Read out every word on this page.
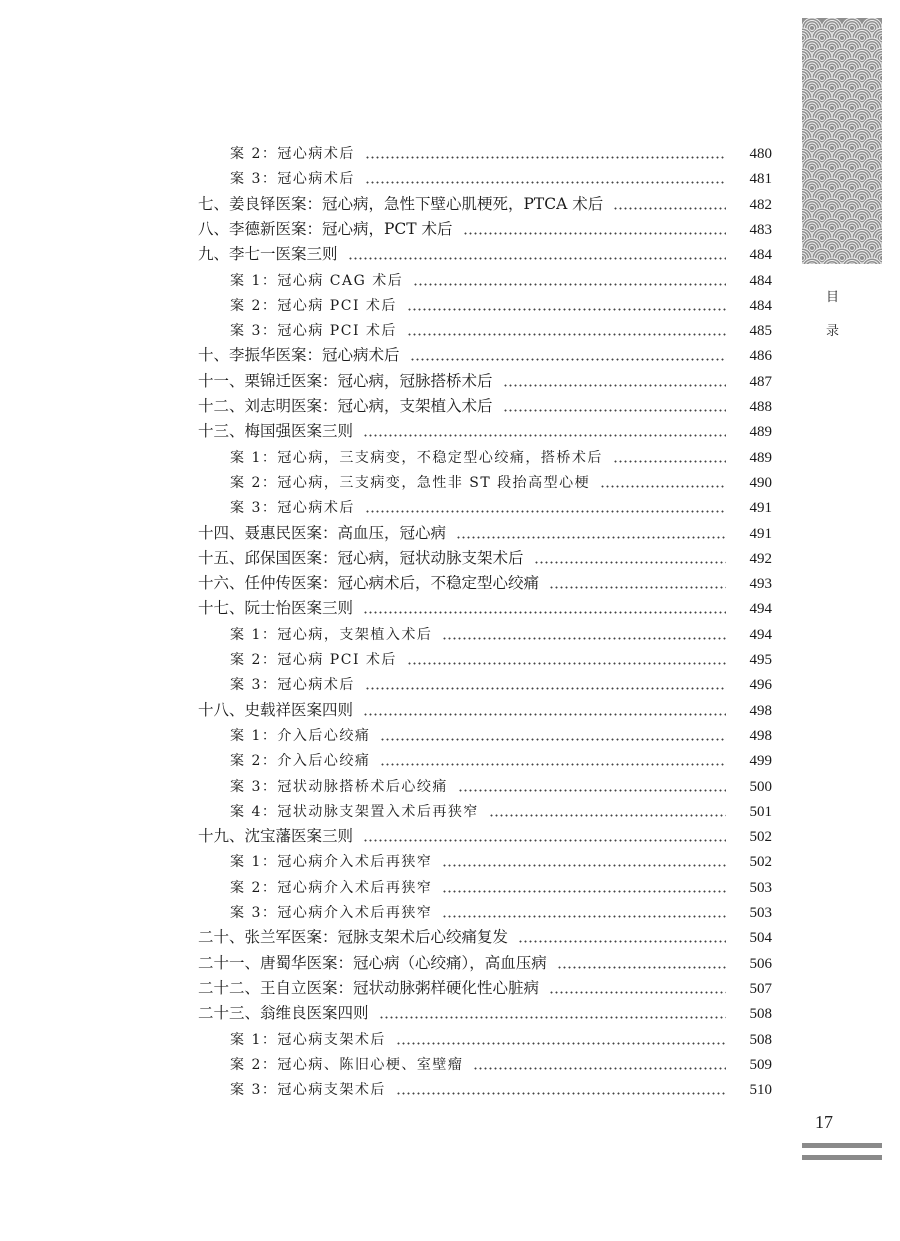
目
录
案 2：冠心病术后	480
案 3：冠心病术后	481
七、姜良铎医案：冠心病，急性下壁心肌梗死，PTCA 术后	482
八、李德新医案：冠心病，PCT 术后	483
九、李七一医案三则	484
案 1：冠心病 CAG 术后	484
案 2：冠心病 PCI 术后	484
案 3：冠心病 PCI 术后	485
十、李振华医案：冠心病术后	486
十一、栗锦迁医案：冠心病，冠脉搭桥术后	487
十二、刘志明医案：冠心病，支架植入术后	488
十三、梅国强医案三则	489
案 1：冠心病，三支病变，不稳定型心绞痛，搭桥术后	489
案 2：冠心病，三支病变，急性非 ST 段抬高型心梗	490
案 3：冠心病术后	491
十四、聂惠民医案：高血压，冠心病	491
十五、邱保国医案：冠心病，冠状动脉支架术后	492
十六、任仲传医案：冠心病术后，不稳定型心绞痛	493
十七、阮士怡医案三则	494
案 1：冠心病，支架植入术后	494
案 2：冠心病 PCI 术后	495
案 3：冠心病术后	496
十八、史载祥医案四则	498
案 1：介入后心绞痛	498
案 2：介入后心绞痛	499
案 3：冠状动脉搭桥术后心绞痛	500
案 4：冠状动脉支架置入术后再狭窄	501
十九、沈宝藩医案三则	502
案 1：冠心病介入术后再狭窄	502
案 2：冠心病介入术后再狭窄	503
案 3：冠心病介入术后再狭窄	503
二十、张兰军医案：冠脉支架术后心绞痛复发	504
二十一、唐蜀华医案：冠心病（心绞痛），高血压病	506
二十二、王自立医案：冠状动脉粥样硬化性心脏病	507
二十三、翁维良医案四则	508
案 1：冠心病支架术后	508
案 2：冠心病、陈旧心梗、室壁瘤	509
案 3：冠心病支架术后	510
17
